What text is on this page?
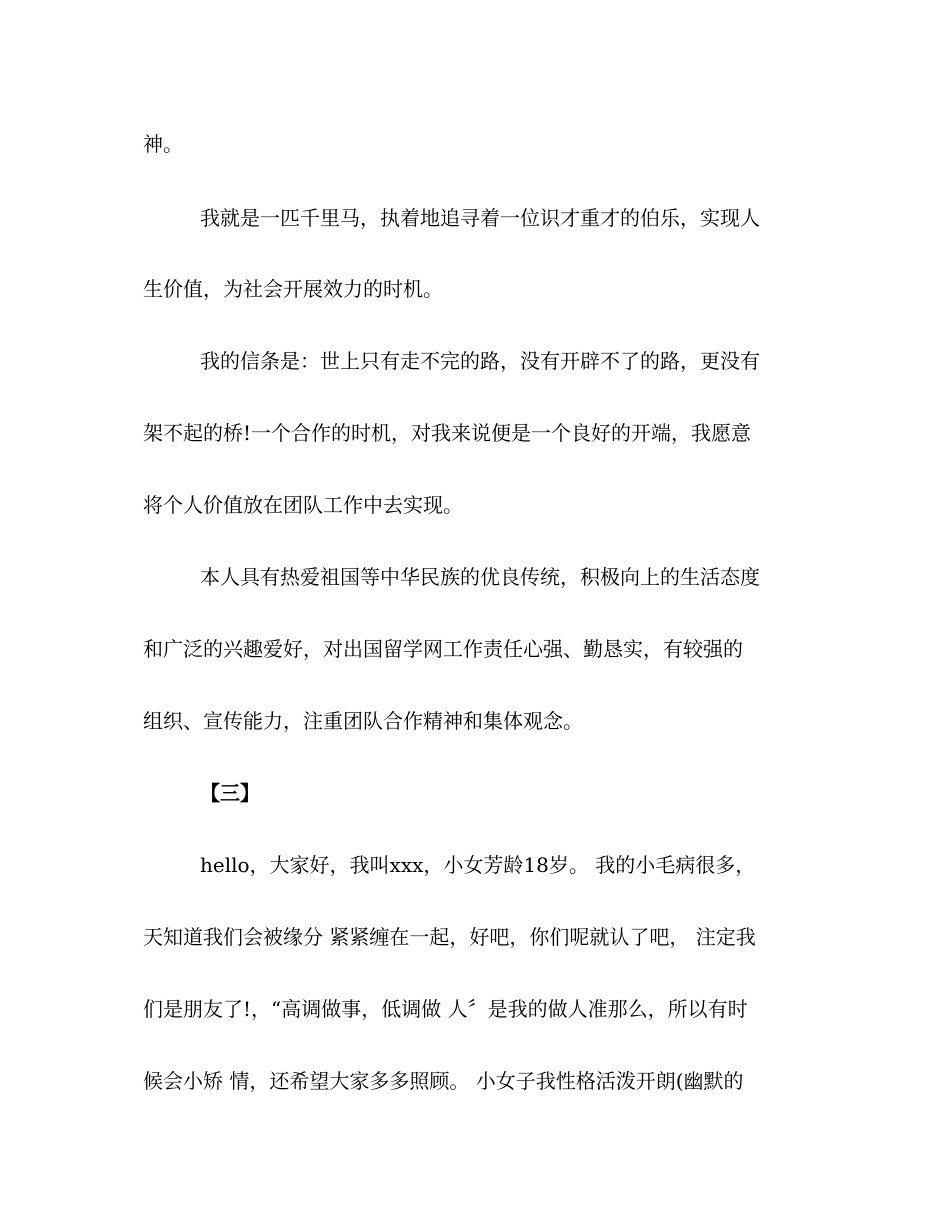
神。
我就是一匹千里马，执着地追寻着一位识才重才的伯乐，实现人
生价值，为社会开展效力的时机。
我的信条是：世上只有走不完的路，没有开辟不了的路，更没有
架不起的桥!一个合作的时机，对我来说便是一个良好的开端，我愿意
将个人价值放在团队工作中去实现。
本人具有热爱祖国等中华民族的优良传统，积极向上的生活态度
和广泛的兴趣爱好，对出国留学网工作责任心强、勤恳实，有较强的
组织、宣传能力，注重团队合作精神和集体观念。
【三】
hello，大家好，我叫xxx，小女芳龄18岁。 我的小毛病很多，
天知道我们会被缘分 紧紧缠在一起，好吧，你们呢就认了吧， 注定我
们是朋友了!，“高调做事，低调做 人〞是我的做人准那么，所以有时
候会小矫 情，还希望大家多多照顾。 小女子我性格活泼开朗(幽默的
